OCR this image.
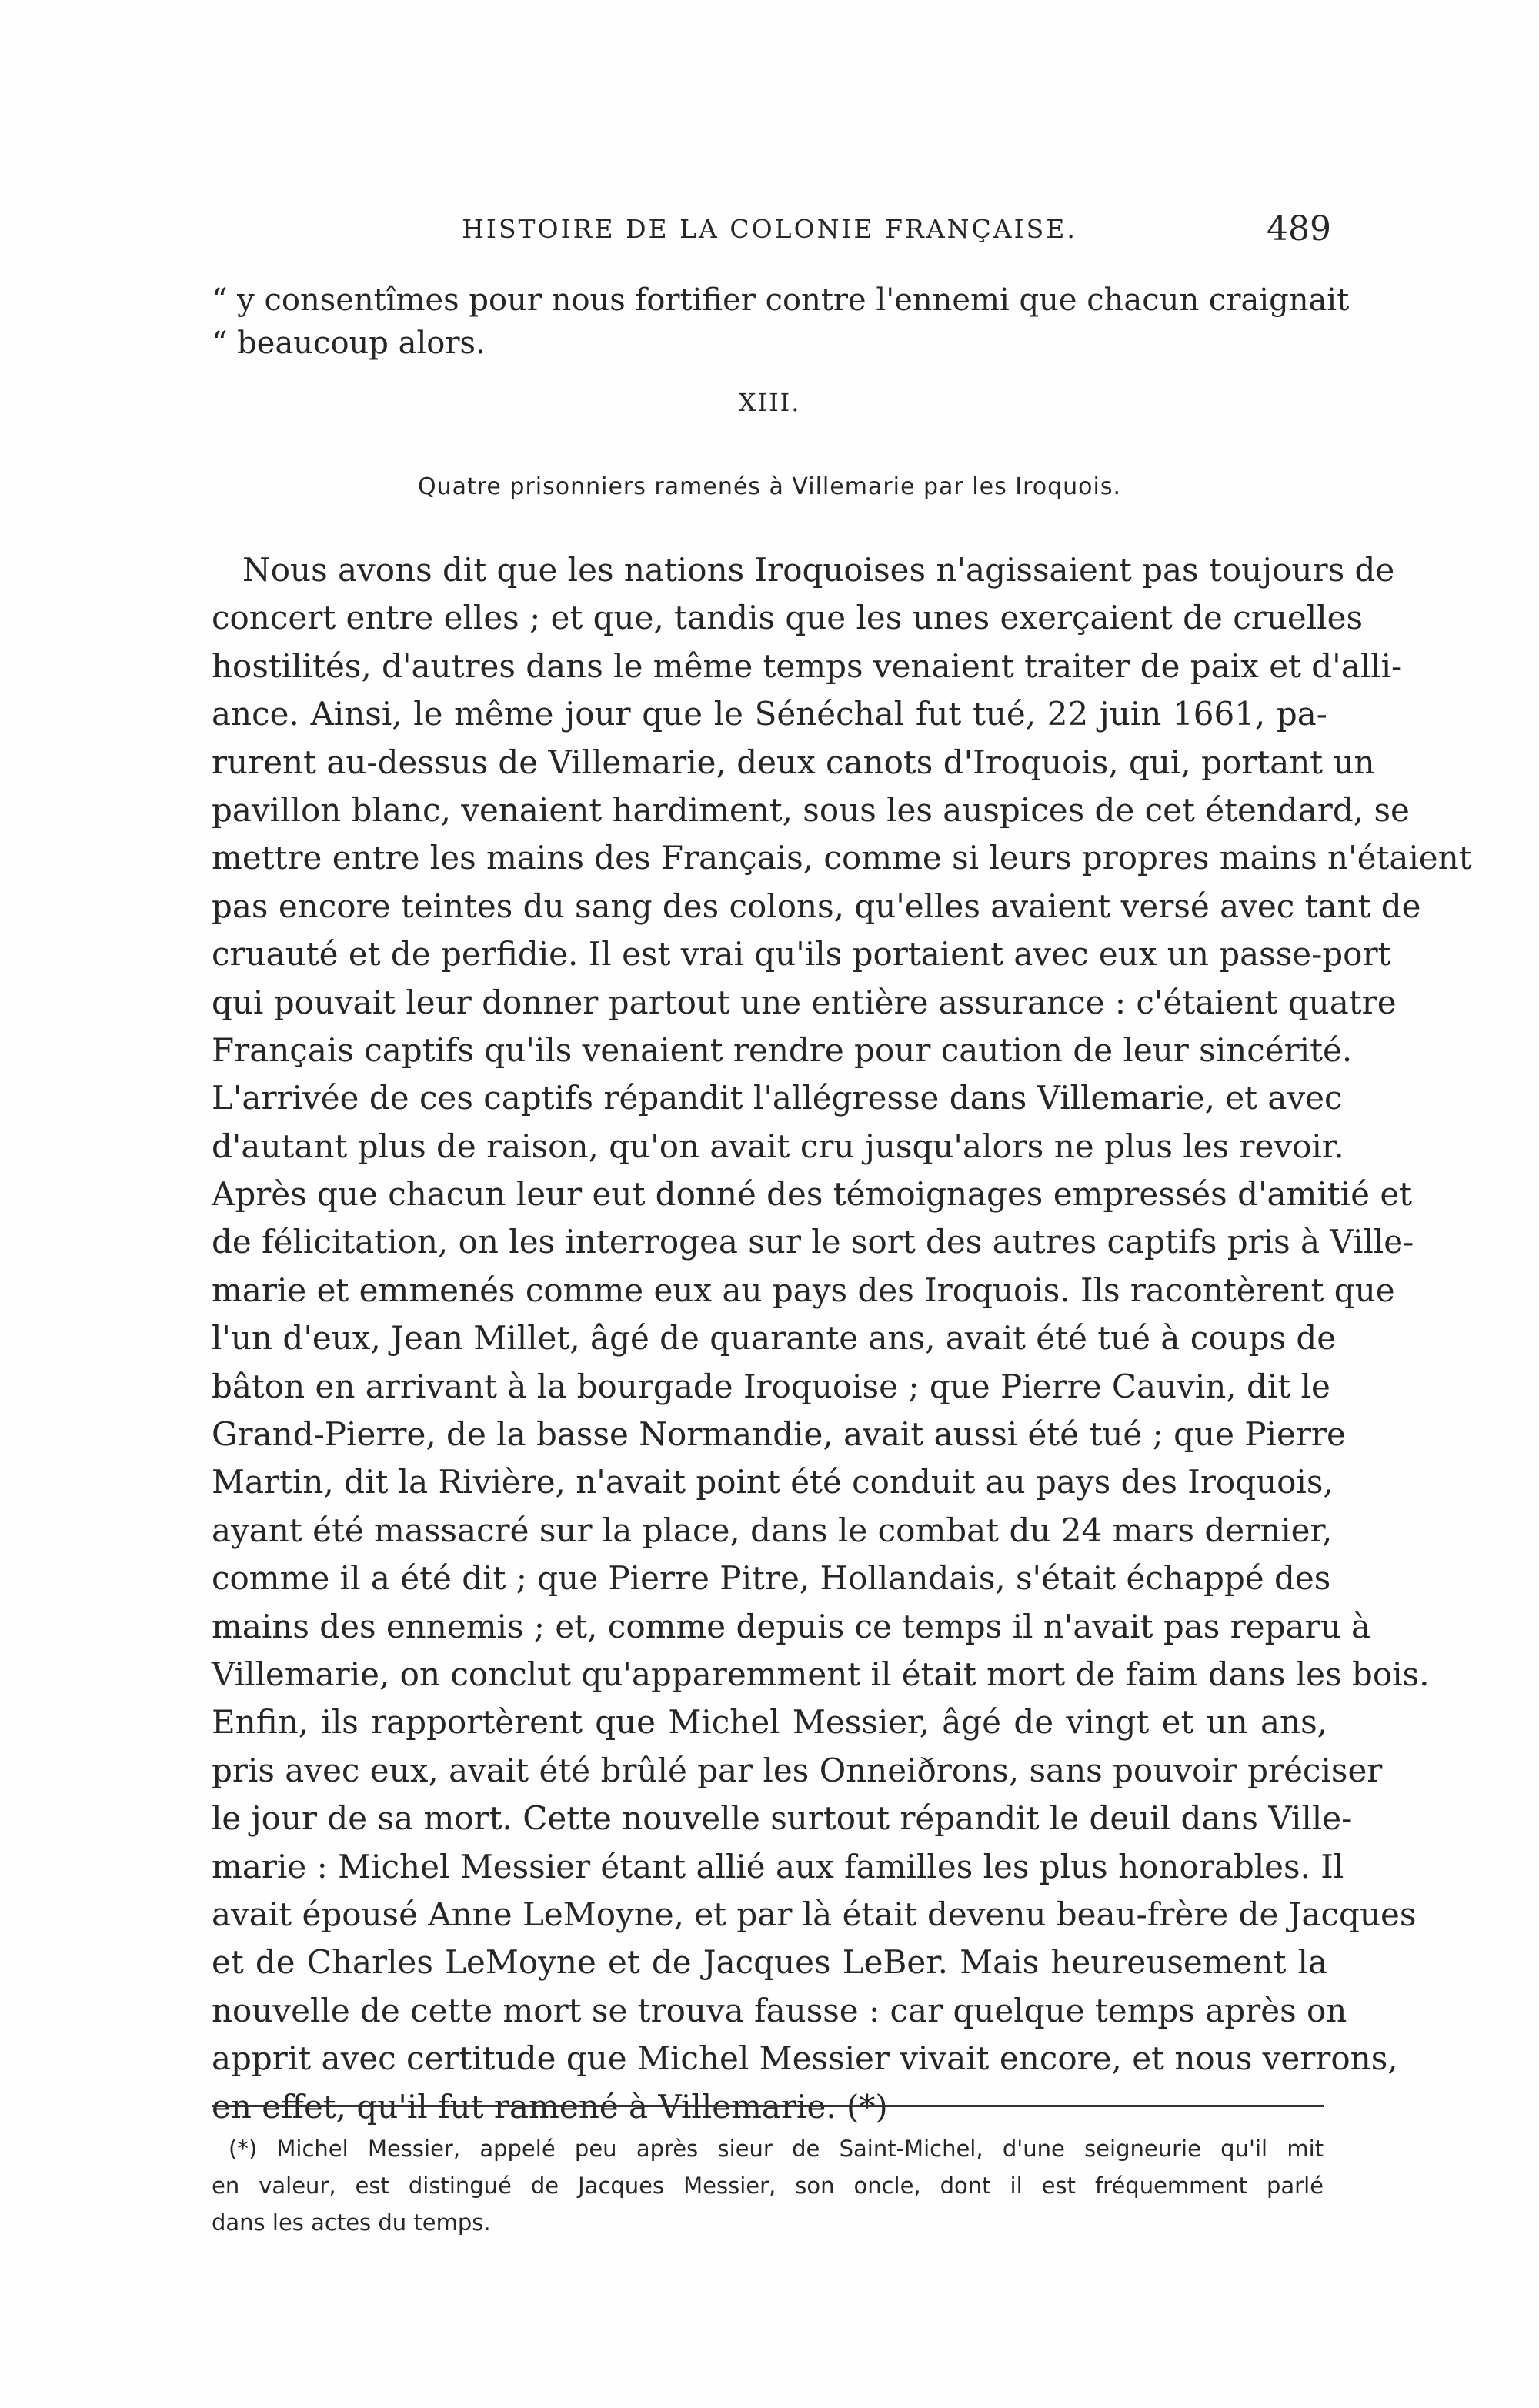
HISTOIRE DE LA COLONIE FRANÇAISE.	489
“ y consentîmes pour nous fortifier contre l'ennemi que chacun craignait
“ beaucoup alors.
XIII.
Quatre prisonniers ramenés à Villemarie par les Iroquois.
Nous avons dit que les nations Iroquoises n'agissaient pas toujours de
concert entre elles ; et que, tandis que les unes exerçaient de cruelles
hostilités, d'autres dans le même temps venaient traiter de paix et d'alli-
ance. Ainsi, le même jour que le Sénéchal fut tué, 22 juin 1661, pa-
rurent au-dessus de Villemarie, deux canots d'Iroquois, qui, portant un
pavillon blanc, venaient hardiment, sous les auspices de cet étendard, se
mettre entre les mains des Français, comme si leurs propres mains n'étaient
pas encore teintes du sang des colons, qu'elles avaient versé avec tant de
cruauté et de perfidie. Il est vrai qu'ils portaient avec eux un passe-port
qui pouvait leur donner partout une entière assurance : c'étaient quatre
Français captifs qu'ils venaient rendre pour caution de leur sincérité.
L'arrivée de ces captifs répandit l'allégresse dans Villemarie, et avec
d'autant plus de raison, qu'on avait cru jusqu'alors ne plus les revoir.
Après que chacun leur eut donné des témoignages empressés d'amitié et
de félicitation, on les interrogea sur le sort des autres captifs pris à Ville-
marie et emmenés comme eux au pays des Iroquois. Ils racontèrent que
l'un d'eux, Jean Millet, âgé de quarante ans, avait été tué à coups de
bâton en arrivant à la bourgade Iroquoise ; que Pierre Cauvin, dit le
Grand-Pierre, de la basse Normandie, avait aussi été tué ; que Pierre
Martin, dit la Rivière, n'avait point été conduit au pays des Iroquois,
ayant été massacré sur la place, dans le combat du 24 mars dernier,
comme il a été dit ; que Pierre Pitre, Hollandais, s'était échappé des
mains des ennemis ; et, comme depuis ce temps il n'avait pas reparu à
Villemarie, on conclut qu'apparemment il était mort de faim dans les bois.
Enfin, ils rapportèrent que Michel Messier, âgé de vingt et un ans,
pris avec eux, avait été brûlé par les Onneiðrons, sans pouvoir préciser
le jour de sa mort. Cette nouvelle surtout répandit le deuil dans Ville-
marie : Michel Messier étant allié aux familles les plus honorables. Il
avait épousé Anne LeMoyne, et par là était devenu beau-frère de Jacques
et de Charles LeMoyne et de Jacques LeBer. Mais heureusement la
nouvelle de cette mort se trouva fausse : car quelque temps après on
apprit avec certitude que Michel Messier vivait encore, et nous verrons,
en effet, qu'il fut ramené à Villemarie. (*)
(*) Michel Messier, appelé peu après sieur de Saint-Michel, d'une seigneurie qu'il mit
en valeur, est distingué de Jacques Messier, son oncle, dont il est fréquemment parlé
dans les actes du temps.
